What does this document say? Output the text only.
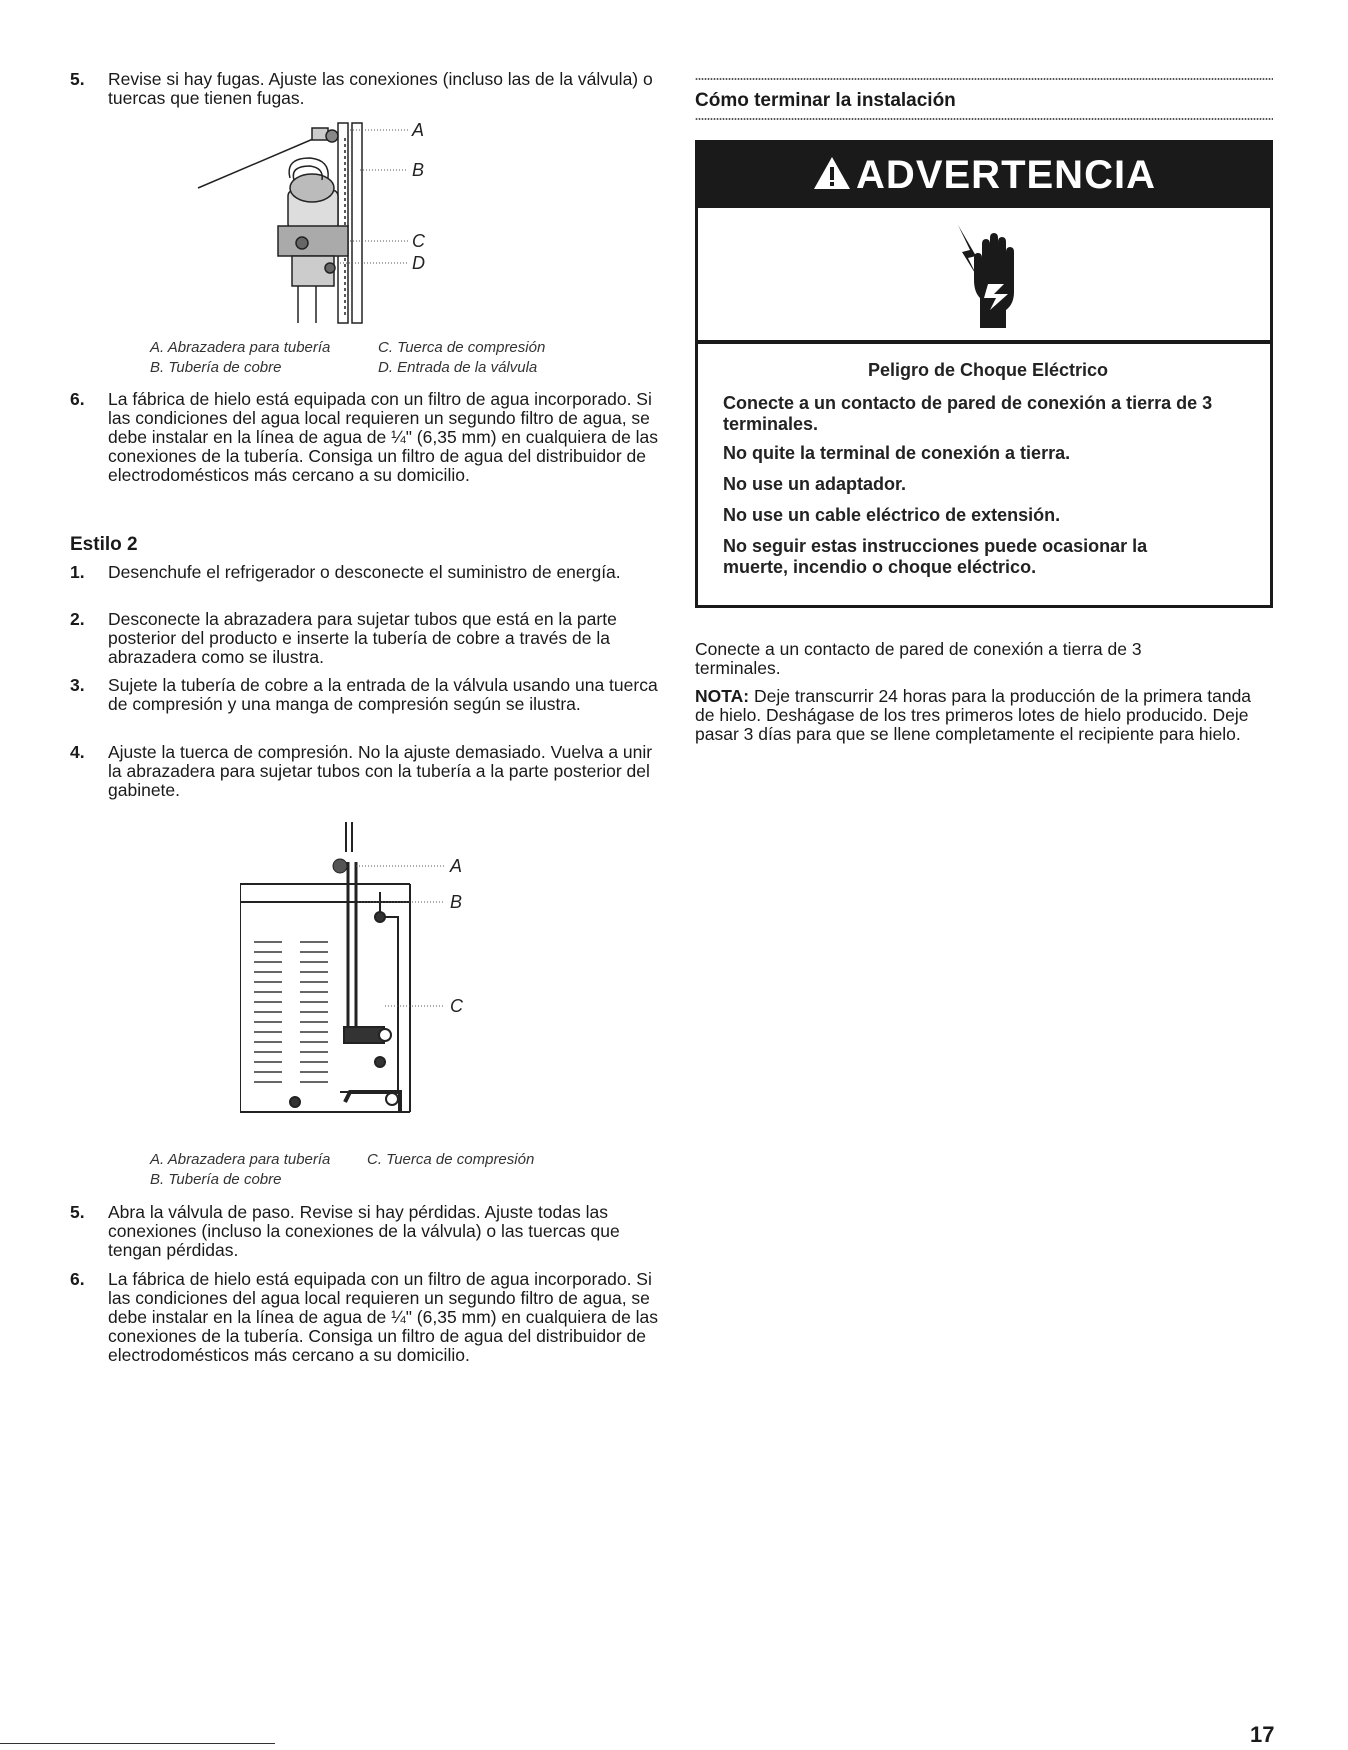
5. Revise si hay fugas. Ajuste las conexiones (incluso las de la válvula) o tuercas que tienen fugas.
A
B
C
D
A. Abrazadera para tubería
B. Tubería de cobre
C. Tuerca de compresión
D. Entrada de la válvula
6. La fábrica de hielo está equipada con un filtro de agua incorporado. Si las condiciones del agua local requieren un segundo filtro de agua, se debe instalar en la línea de agua de ¼" (6,35 mm) en cualquiera de las conexiones de la tubería. Consiga un filtro de agua del distribuidor de electrodomésticos más cercano a su domicilio.
Estilo 2
1. Desenchufe el refrigerador o desconecte el suministro de energía.
2. Desconecte la abrazadera para sujetar tubos que está en la parte posterior del producto e inserte la tubería de cobre a través de la abrazadera como se ilustra.
3. Sujete la tubería de cobre a la entrada de la válvula usando una tuerca de compresión y una manga de compresión según se ilustra.
4. Ajuste la tuerca de compresión. No la ajuste demasiado. Vuelva a unir la abrazadera para sujetar tubos con la tubería a la parte posterior del gabinete.
A
B
C
A. Abrazadera para tubería
B. Tubería de cobre
C. Tuerca de compresión
5. Abra la válvula de paso. Revise si hay pérdidas. Ajuste todas las conexiones (incluso la conexiones de la válvula) o las tuercas que tengan pérdidas.
6. La fábrica de hielo está equipada con un filtro de agua incorporado. Si las condiciones del agua local requieren un segundo filtro de agua, se debe instalar en la línea de agua de ¼" (6,35 mm) en cualquiera de las conexiones de la tubería. Consiga un filtro de agua del distribuidor de electrodomésticos más cercano a su domicilio.
Cómo terminar la instalación
ADVERTENCIA
Peligro de Choque Eléctrico
Conecte a un contacto de pared de conexión a tierra de 3 terminales.
No quite la terminal de conexión a tierra.
No use un adaptador.
No use un cable eléctrico de extensión.
No seguir estas instrucciones puede ocasionar la muerte, incendio o choque eléctrico.
Conecte a un contacto de pared de conexión a tierra de 3 terminales.
NOTA: Deje transcurrir 24 horas para la producción de la primera tanda de hielo. Deshágase de los tres primeros lotes de hielo producido. Deje pasar 3 días para que se llene completamente el recipiente para hielo.
17
